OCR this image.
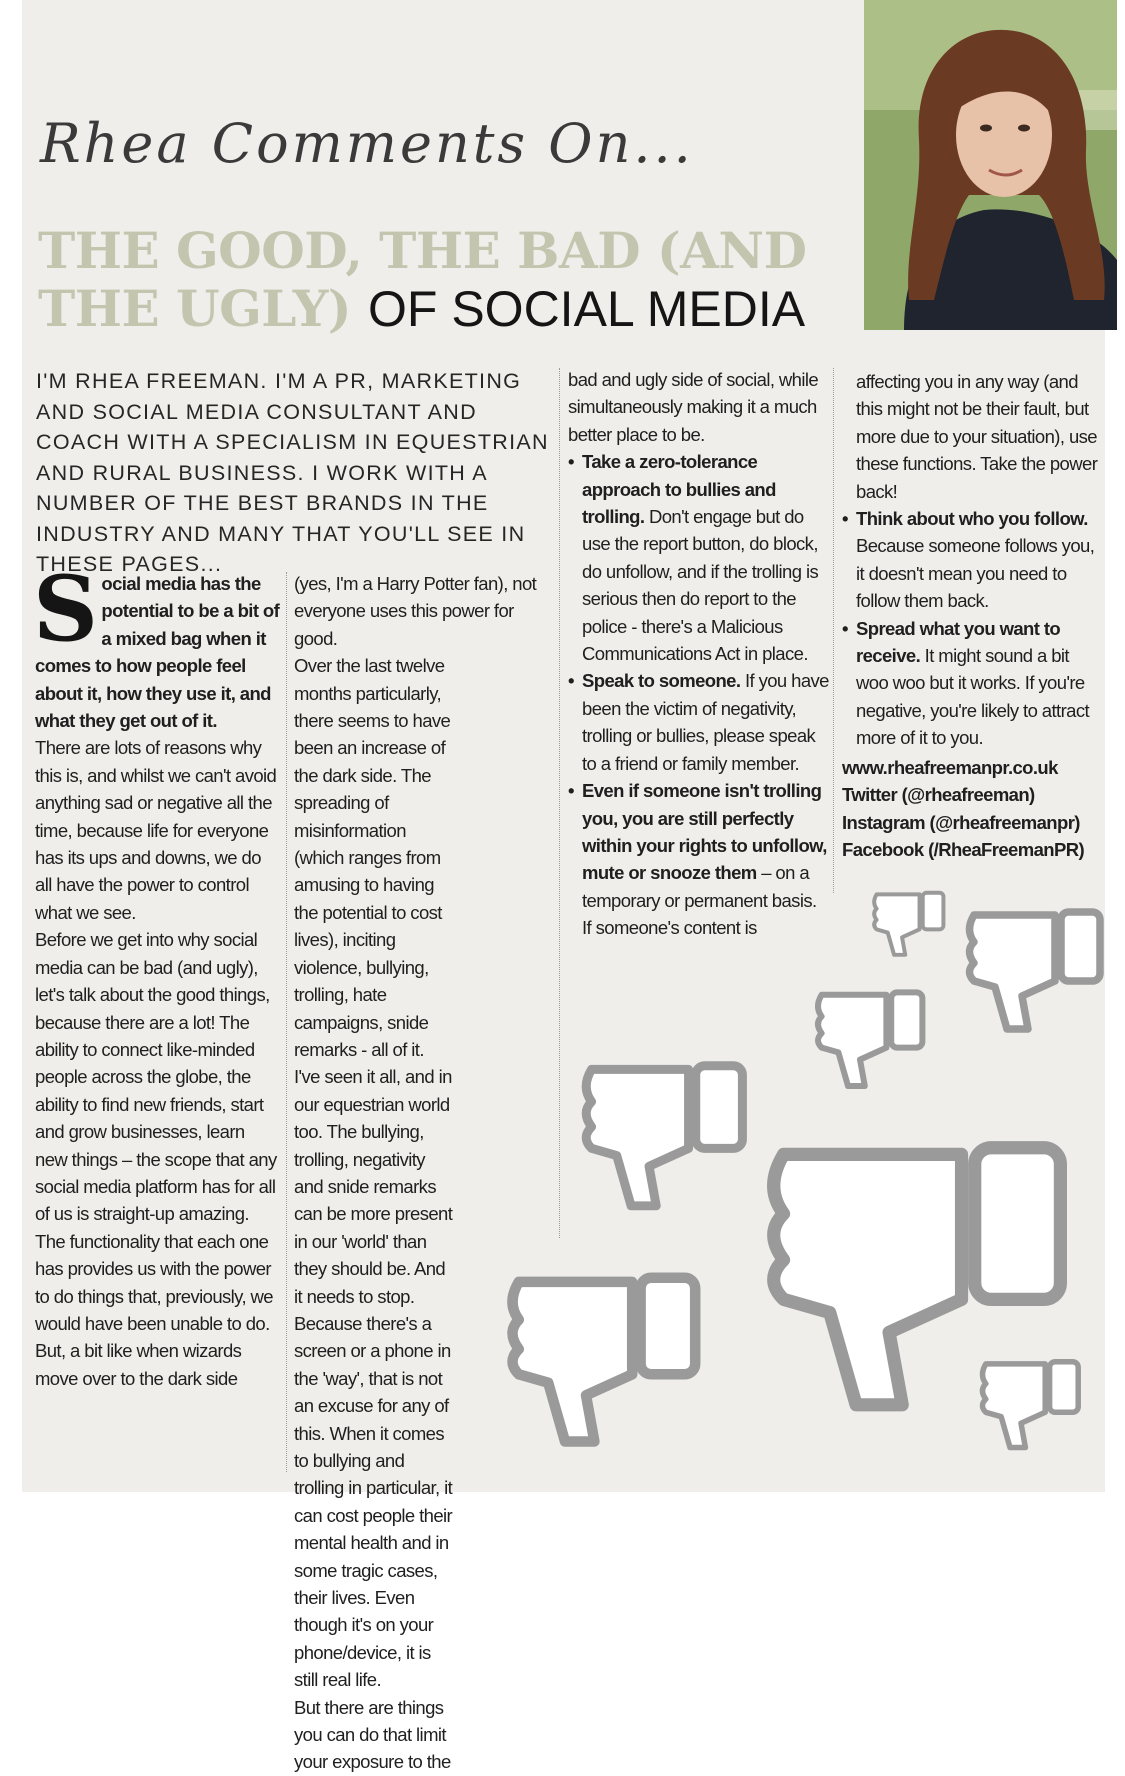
Rhea Comments On...
THE GOOD, THE BAD (AND THE UGLY) OF SOCIAL MEDIA
I'M RHEA FREEMAN. I'M A PR, MARKETING AND SOCIAL MEDIA CONSULTANT AND COACH WITH A SPECIALISM IN EQUESTRIAN AND RURAL BUSINESS. I WORK WITH A NUMBER OF THE BEST BRANDS IN THE INDUSTRY AND MANY THAT YOU'LL SEE IN THESE PAGES...

S ocial media has the potential to be a bit of a mixed bag when it comes to how people feel about it, how they use it, and what they get out of it.

There are lots of reasons why this is, and whilst we can't avoid anything sad or negative all the time, because life for everyone has its ups and downs, we do all have the power to control what we see.

Before we get into why social media can be bad (and ugly), let's talk about the good things, because there are a lot! The ability to connect like-minded people across the globe, the ability to find new friends, start and grow businesses, learn new things – the scope that any social media platform has for all of us is straight-up amazing. The functionality that each one has provides us with the power to do things that, previously, we would have been unable to do.

But, a bit like when wizards move over to the dark side

(yes, I'm a Harry Potter fan), not everyone uses this power for good.

Over the last twelve months particularly, there seems to have been an increase of the dark side. The spreading of misinformation (which ranges from amusing to having the potential to cost lives), inciting violence, bullying, trolling, hate campaigns, snide remarks - all of it. I've seen it all, and in our equestrian world too. The bullying, trolling, negativity and snide remarks can be more present in our 'world' than they should be. And it needs to stop. Because there's a screen or a phone in the 'way', that is not an excuse for any of this. When it comes to bullying and trolling in particular, it can cost people their mental health and in some tragic cases, their lives. Even though it's on your phone/device, it is still real life.

But there are things you can do that limit your exposure to the

bad and ugly side of social, while simultaneously making it a much better place to be.

• Take a zero-tolerance approach to bullies and trolling. Don't engage but do use the report button, do block, do unfollow, and if the trolling is serious then do report to the police - there's a Malicious Communications Act in place.
• Speak to someone. If you have been the victim of negativity, trolling or bullies, please speak to a friend or family member.
• Even if someone isn't trolling you, you are still perfectly within your rights to unfollow, mute or snooze them – on a temporary or permanent basis. If someone's content is

affecting you in any way (and this might not be their fault, but more due to your situation), use these functions. Take the power back!

• Think about who you follow. Because someone follows you, it doesn't mean you need to follow them back.
• Spread what you want to receive. It might sound a bit woo woo but it works. If you're negative, you're likely to attract more of it to you.
www.rheafreemanpr.co.uk
Twitter (@rheafreeman)
Instagram (@rheafreemanpr)
Facebook (/RheaFreemanPR)
